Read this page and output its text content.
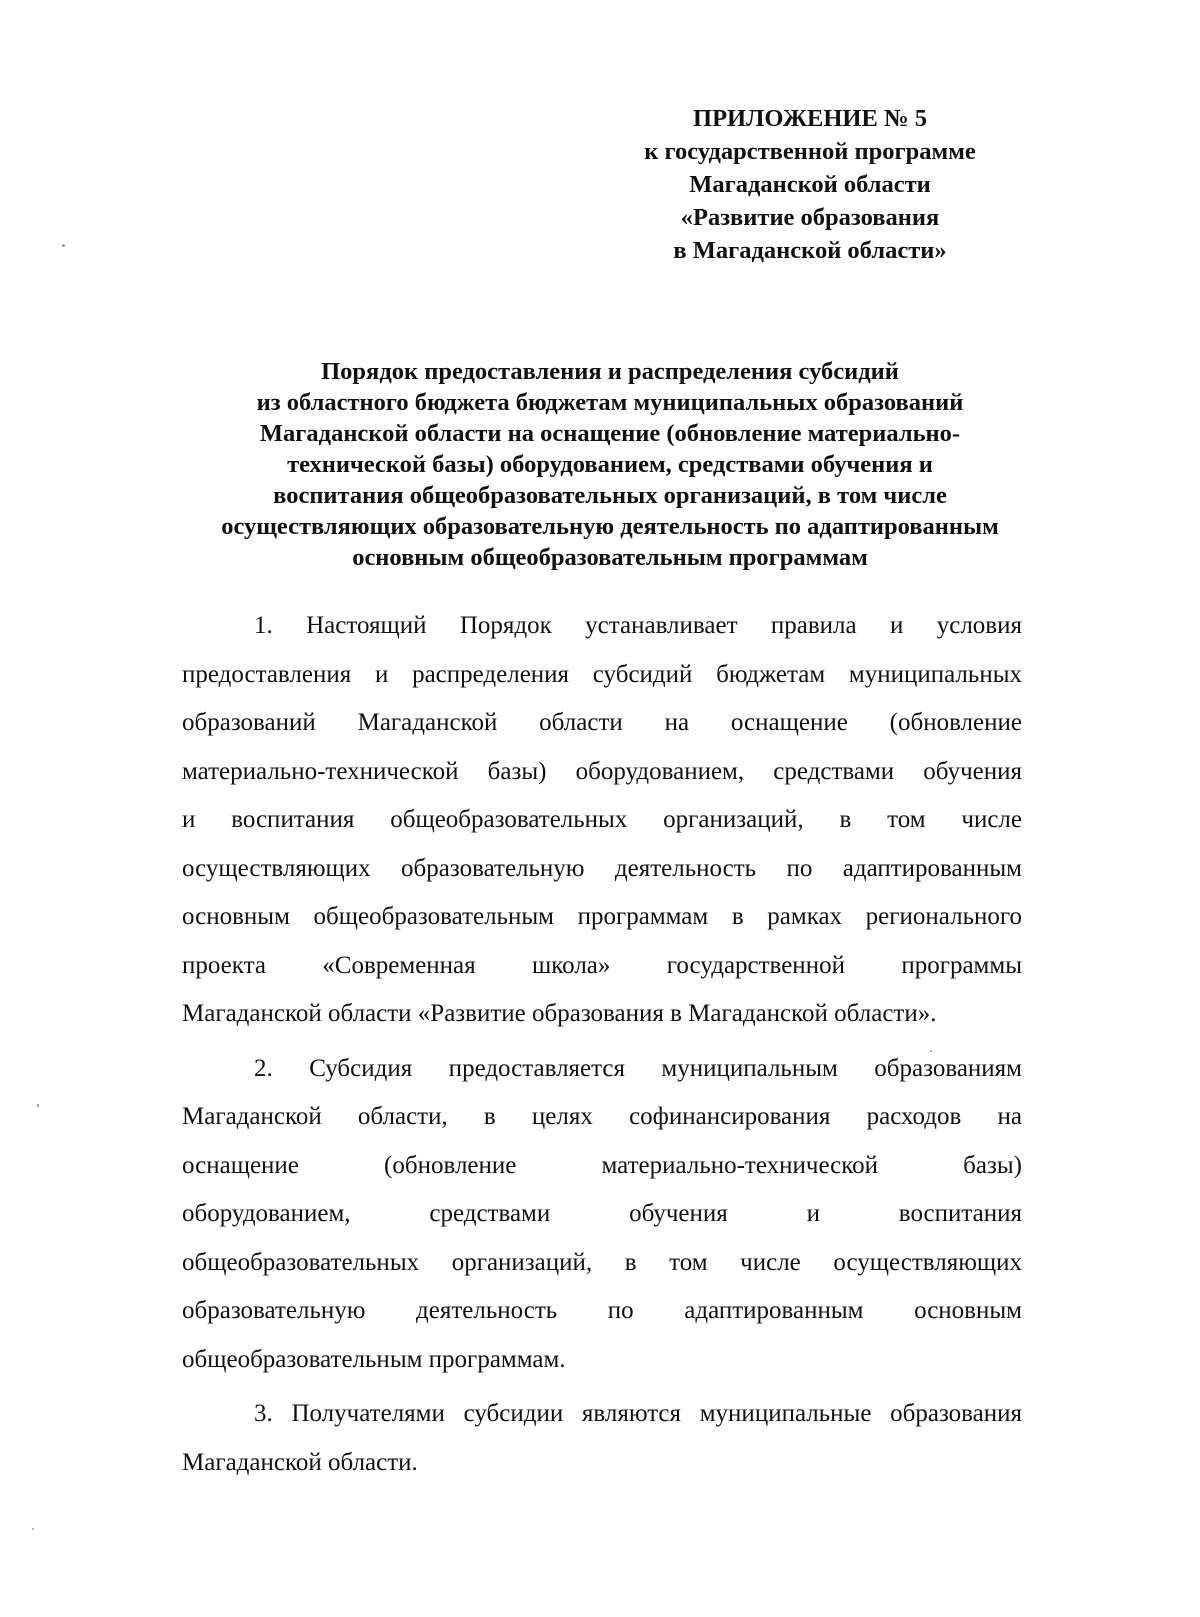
ПРИЛОЖЕНИЕ № 5
к государственной программе
Магаданской области
«Развитие образования
в Магаданской области»
Порядок предоставления и распределения субсидий
из областного бюджета бюджетам муниципальных образований
Магаданской области на оснащение (обновление материально-
технической базы) оборудованием, средствами обучения и
воспитания общеобразовательных организаций, в том числе
осуществляющих образовательную деятельность по адаптированным
основным общеобразовательным программам
1. Настоящий Порядок устанавливает правила и условия
предоставления и распределения субсидий бюджетам муниципальных
образований Магаданской области на оснащение (обновление
материально-технической базы) оборудованием, средствами обучения
и воспитания общеобразовательных организаций, в том числе
осуществляющих образовательную деятельность по адаптированным
основным общеобразовательным программам в рамках регионального
проекта «Современная школа» государственной программы
Магаданской области «Развитие образования в Магаданской области».
2. Субсидия предоставляется муниципальным образованиям
Магаданской области, в целях софинансирования расходов на
оснащение (обновление материально-технической базы)
оборудованием, средствами обучения и воспитания
общеобразовательных организаций, в том числе осуществляющих
образовательную деятельность по адаптированным основным
общеобразовательным программам.
3. Получателями субсидии являются муниципальные образования
Магаданской области.
